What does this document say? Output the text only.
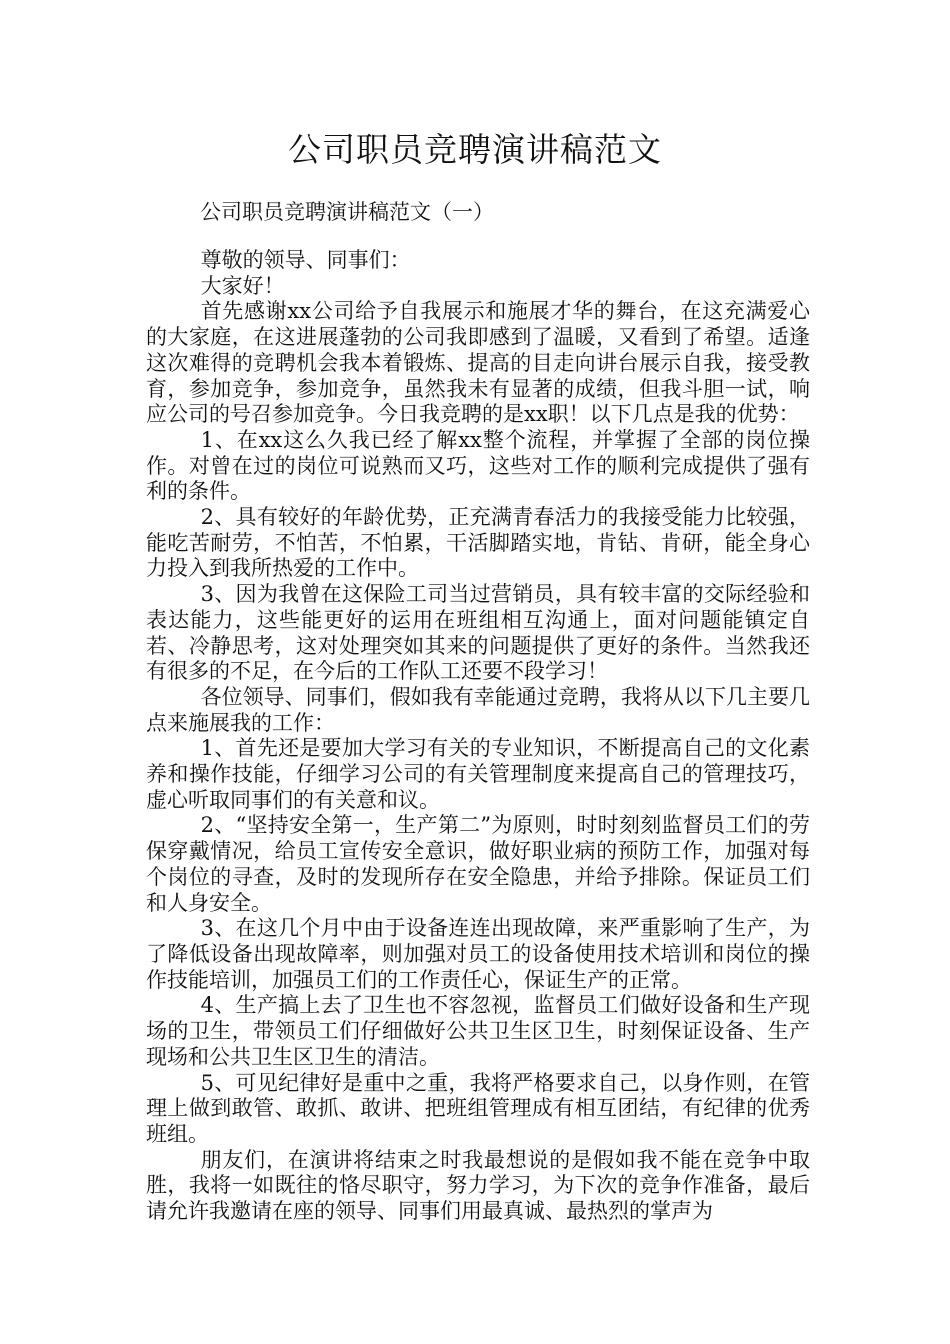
公司职员竞聘演讲稿范文
公司职员竞聘演讲稿范文（一）

尊敬的领导、同事们：

大家好！

首先感谢xx公司给予自我展示和施展才华的舞台，在这充满爱心的大家庭，在这进展蓬勃的公司我即感到了温暖，又看到了希望。适逢这次难得的竞聘机会我本着锻炼、提高的目走向讲台展示自我，接受教育，参加竞争，参加竞争，虽然我未有显著的成绩，但我斗胆一试，响应公司的号召参加竞争。今日我竞聘的是xx职！以下几点是我的优势：

1、在xx这么久我已经了解xx整个流程，并掌握了全部的岗位操作。对曾在过的岗位可说熟而又巧，这些对工作的顺利完成提供了强有利的条件。

2、具有较好的年龄优势，正充满青春活力的我接受能力比较强，能吃苦耐劳，不怕苦，不怕累，干活脚踏实地，肯钻、肯研，能全身心力投入到我所热爱的工作中。

3、因为我曾在这保险工司当过营销员，具有较丰富的交际经验和表达能力，这些能更好的运用在班组相互沟通上，面对问题能镇定自若、冷静思考，这对处理突如其来的问题提供了更好的条件。当然我还有很多的不足，在今后的工作队工还要不段学习！

各位领导、同事们，假如我有幸能通过竞聘，我将从以下几主要几点来施展我的工作：

1、首先还是要加大学习有关的专业知识，不断提高自己的文化素养和操作技能，仔细学习公司的有关管理制度来提高自己的管理技巧，虚心听取同事们的有关意和议。

2、“坚持安全第一，生产第二”为原则，时时刻刻监督员工们的劳保穿戴情况，给员工宣传安全意识，做好职业病的预防工作，加强对每个岗位的寻查，及时的发现所存在安全隐患，并给予排除。保证员工们和人身安全。

3、在这几个月中由于设备连连出现故障，来严重影响了生产，为了降低设备出现故障率，则加强对员工的设备使用技术培训和岗位的操作技能培训，加强员工们的工作责任心，保证生产的正常。

4、生产搞上去了卫生也不容忽视，监督员工们做好设备和生产现场的卫生，带领员工们仔细做好公共卫生区卫生，时刻保证设备、生产现场和公共卫生区卫生的清洁。

5、可见纪律好是重中之重，我将严格要求自己，以身作则，在管理上做到敢管、敢抓、敢讲、把班组管理成有相互团结，有纪律的优秀班组。

朋友们，在演讲将结束之时我最想说的是假如我不能在竞争中取胜，我将一如既往的恪尽职守，努力学习，为下次的竞争作准备，最后请允许我邀请在座的领导、同事们用最真诚、最热烈的掌声为
